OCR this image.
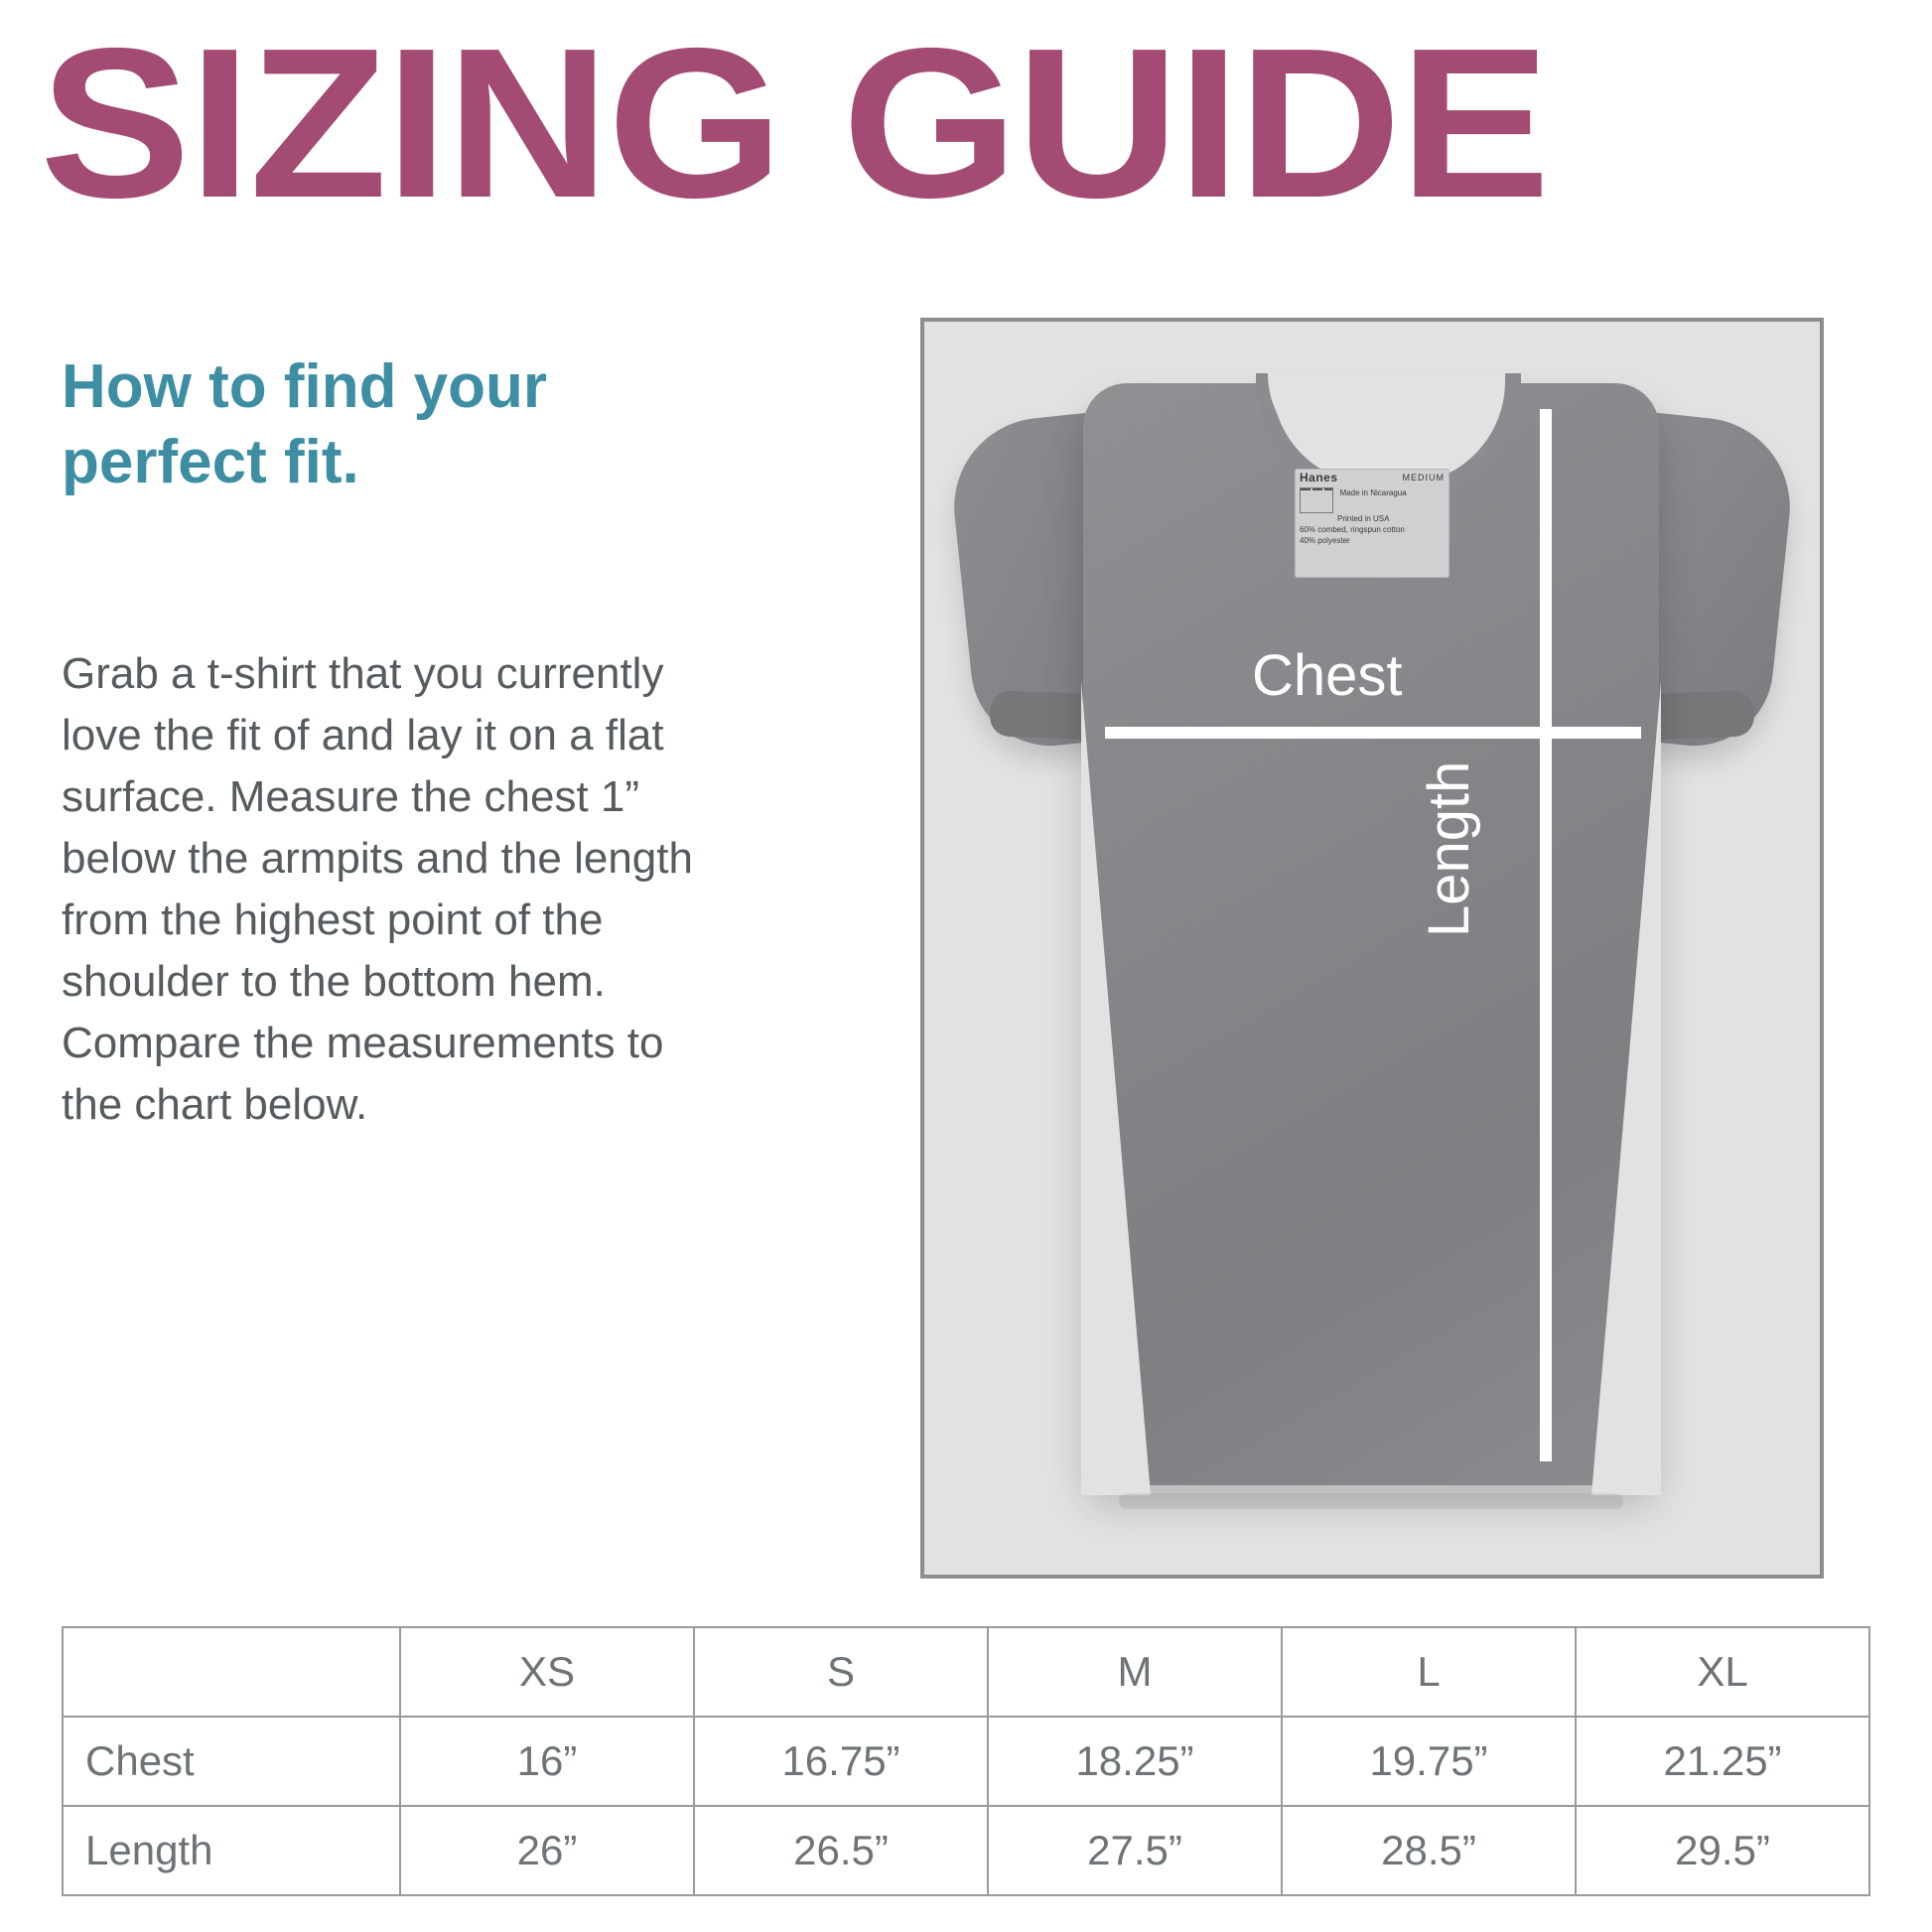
SIZING GUIDE
How to find your perfect fit.
Grab a t-shirt that you currently love the fit of and lay it on a flat surface. Measure the chest 1” below the armpits and the length from the highest point of the shoulder to the bottom hem. Compare the measurements to the chart below.
MEDIUM
Hanes
Made in Nicaragua
Printed in USA
60% combed, ringspun cotton
40% polyester
Chest
Length
	XS	S	M	L	XL
Chest	16”	16.75”	18.25”	19.75”	21.25”
Length	26”	26.5”	27.5”	28.5”	29.5”
